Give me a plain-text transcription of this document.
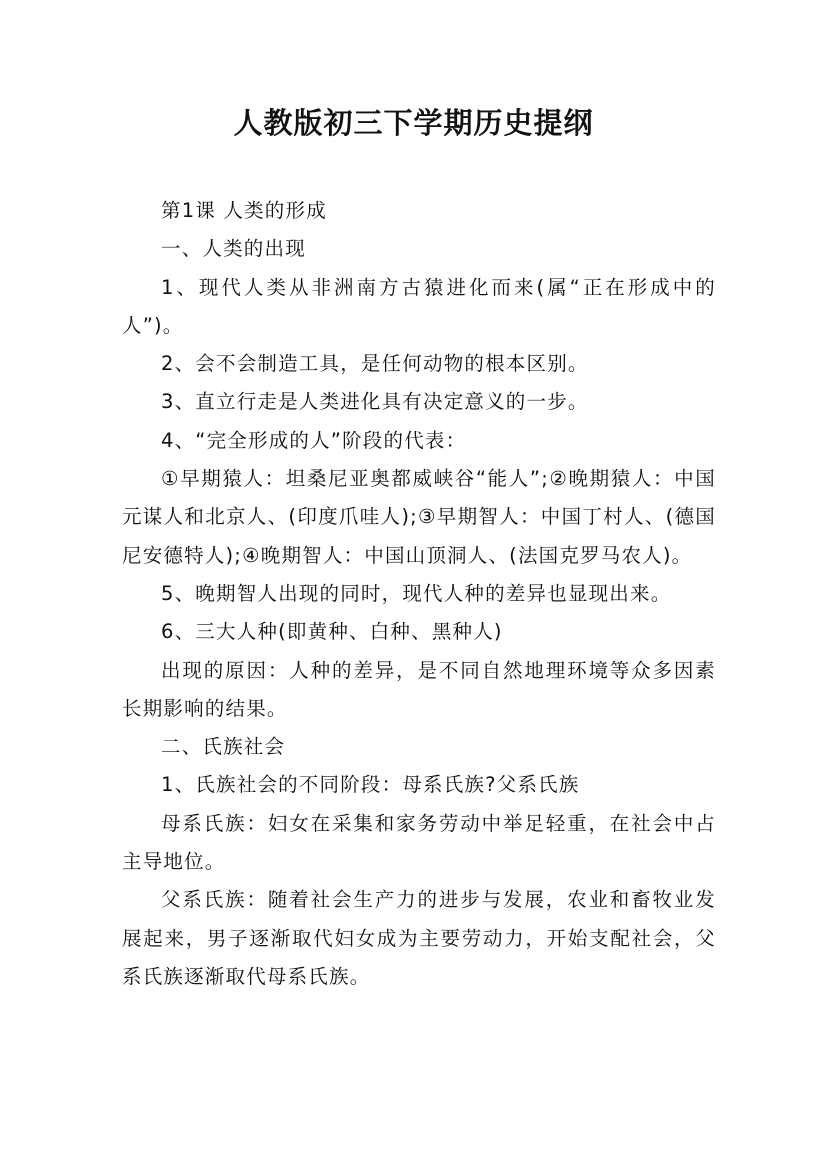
人教版初三下学期历史提纲

第1课 人类的形成

一、人类的出现

1、现代人类从非洲南方古猿进化而来(属“正在形成中的人”)。

2、会不会制造工具，是任何动物的根本区别。

3、直立行走是人类进化具有决定意义的一步。

4、“完全形成的人”阶段的代表：

①早期猿人：坦桑尼亚奥都威峡谷“能人”;②晚期猿人：中国元谋人和北京人、(印度爪哇人);③早期智人：中国丁村人、(德国尼安德特人);④晚期智人：中国山顶洞人、(法国克罗马农人)。

5、晚期智人出现的同时，现代人种的差异也显现出来。

6、三大人种(即黄种、白种、黑种人)

出现的原因：人种的差异，是不同自然地理环境等众多因素长期影响的结果。

二、氏族社会

1、氏族社会的不同阶段：母系氏族?父系氏族

母系氏族：妇女在采集和家务劳动中举足轻重，在社会中占主导地位。

父系氏族：随着社会生产力的进步与发展，农业和畜牧业发展起来，男子逐渐取代妇女成为主要劳动力，开始支配社会，父系氏族逐渐取代母系氏族。
